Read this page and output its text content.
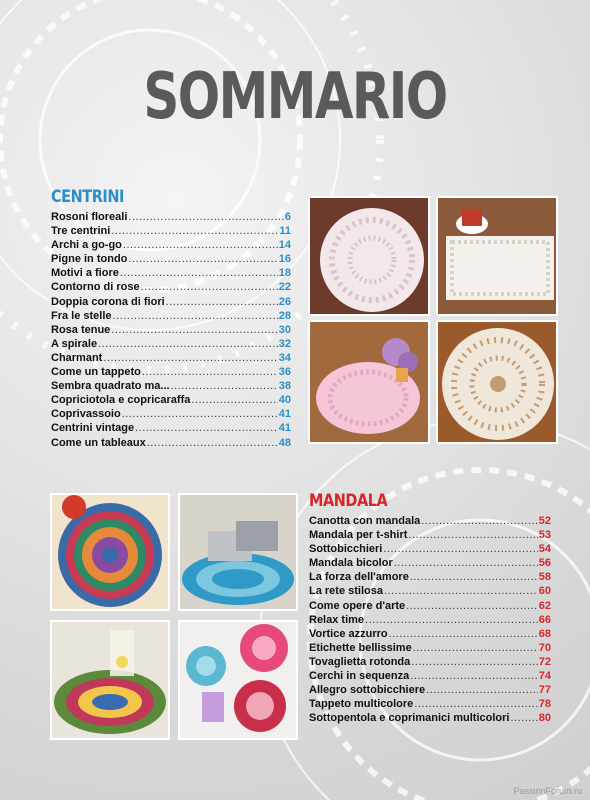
SOMMARIO
CENTRINI
Rosoni floreali .....	6
Tre centrini .....	11
Archi a go-go .....	14
Pigne in tondo .....	16
Motivi a fiore .....	18
Contorno di rose .....	22
Doppia corona di fiori .....	26
Fra le stelle .....	28
Rosa tenue .....	30
A spirale .....	32
Charmant .....	34
Come un tappeto .....	36
Sembra quadrato ma... .....	38
Copriciotola e copricaraffa .....	40
Coprivassoio .....	41
Centrini vintage .....	41
Come un tableaux .....	48
MANDALA
Canotta con mandala .....	52
Mandala per t-shirt .....	53
Sottobicchieri .....	54
Mandala bicolor .....	56
La forza dell'amore .....	58
La rete stilosa .....	60
Come opere d'arte .....	62
Relax time .....	66
Vortice azzurro .....	68
Etichette bellissime .....	70
Tovaglietta rotonda .....	72
Cerchi in sequenza .....	74
Allegro sottobicchiere .....	77
Tappeto multicolore .....	78
Sottopentola e coprimanici multicolori .....	80
PassionForum.ru
